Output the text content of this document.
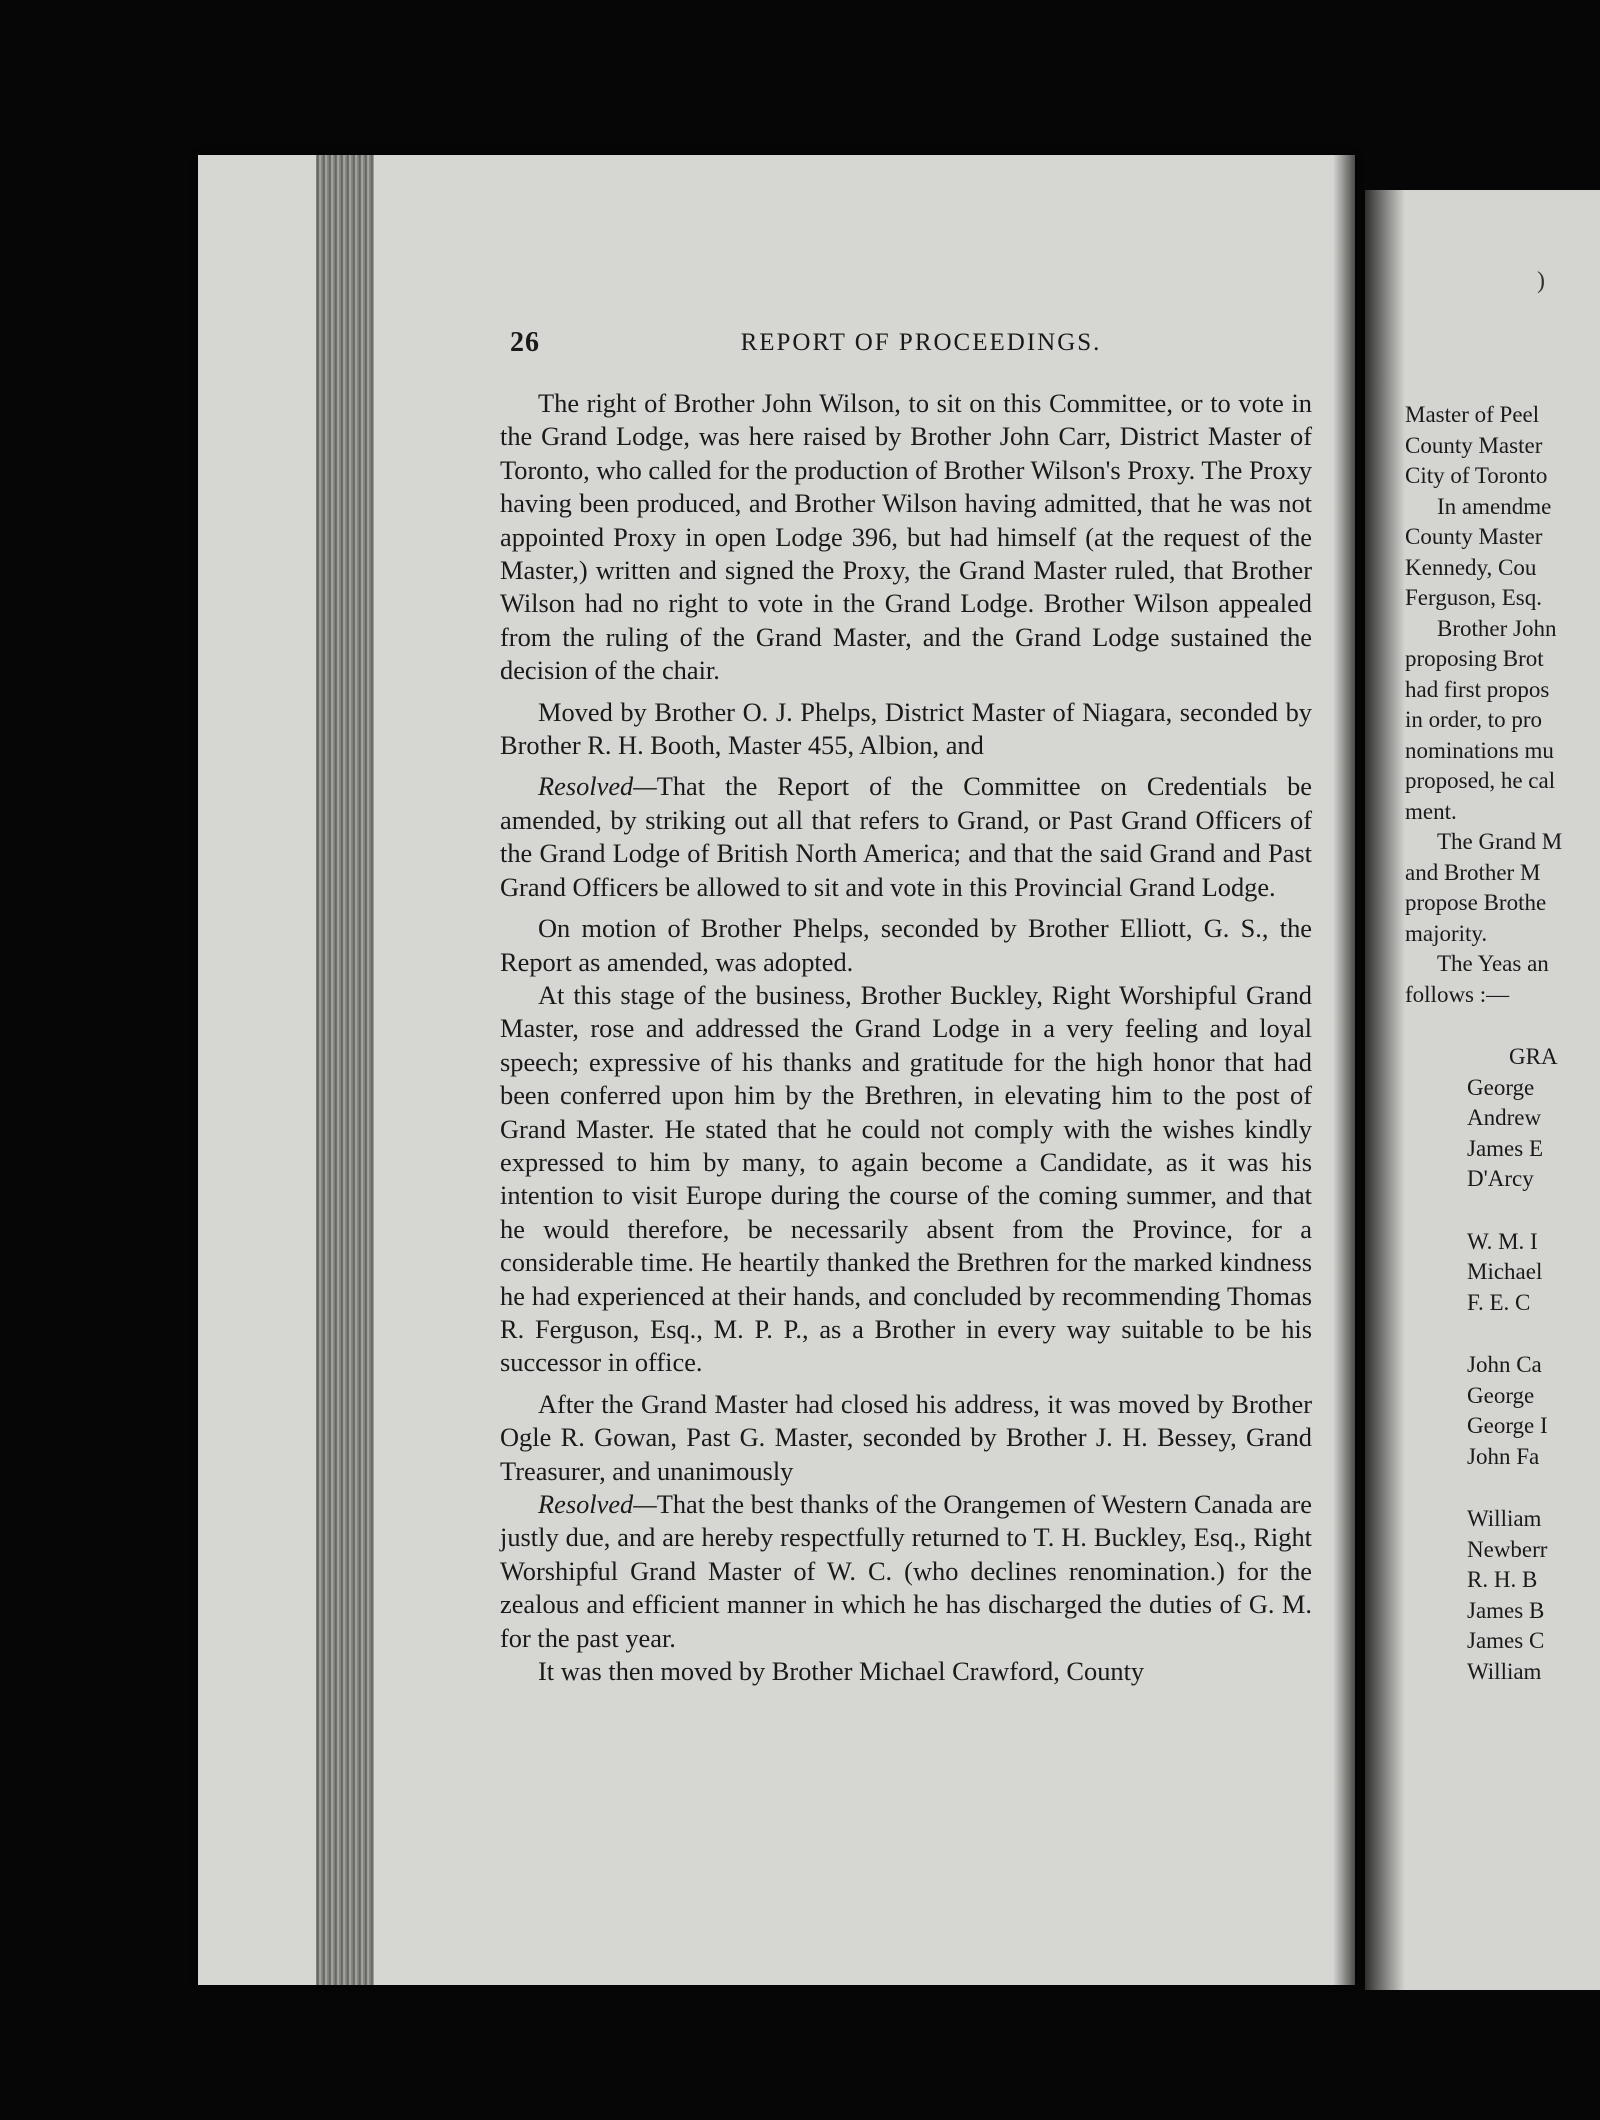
26	REPORT OF PROCEEDINGS.

The right of Brother John Wilson, to sit on this Committee, or to vote in the Grand Lodge, was here raised by Brother John Carr, District Master of Toronto, who called for the production of Brother Wilson's Proxy. The Proxy having been produced, and Brother Wilson having admitted, that he was not appointed Proxy in open Lodge 396, but had himself (at the request of the Master,) written and signed the Proxy, the Grand Master ruled, that Brother Wilson had no right to vote in the Grand Lodge. Brother Wilson appealed from the ruling of the Grand Master, and the Grand Lodge sustained the decision of the chair.

Moved by Brother O. J. Phelps, District Master of Niagara, seconded by Brother R. H. Booth, Master 455, Albion, and

Resolved—That the Report of the Committee on Credentials be amended, by striking out all that refers to Grand, or Past Grand Officers of the Grand Lodge of British North America; and that the said Grand and Past Grand Officers be allowed to sit and vote in this Provincial Grand Lodge.

On motion of Brother Phelps, seconded by Brother Elliott, G. S., the Report as amended, was adopted.

At this stage of the business, Brother Buckley, Right Worshipful Grand Master, rose and addressed the Grand Lodge in a very feeling and loyal speech; expressive of his thanks and gratitude for the high honor that had been conferred upon him by the Brethren, in elevating him to the post of Grand Master. He stated that he could not comply with the wishes kindly expressed to him by many, to again become a Candidate, as it was his intention to visit Europe during the course of the coming summer, and that he would therefore, be necessarily absent from the Province, for a considerable time. He heartily thanked the Brethren for the marked kindness he had experienced at their hands, and concluded by recommending Thomas R. Ferguson, Esq., M. P. P., as a Brother in every way suitable to be his successor in office.

After the Grand Master had closed his address, it was moved by Brother Ogle R. Gowan, Past G. Master, seconded by Brother J. H. Bessey, Grand Treasurer, and unanimously

Resolved—That the best thanks of the Orangemen of Western Canada are justly due, and are hereby respectfully returned to T. H. Buckley, Esq., Right Worshipful Grand Master of W. C. (who declines renomination.) for the zealous and efficient manner in which he has discharged the duties of G. M. for the past year.

It was then moved by Brother Michael Crawford, County

)
Master of Peel
County Master
City of Toronto
In amendme
County Master
Kennedy, Cou
Ferguson, Esq.
Brother John
proposing Brot
had first propos
in order, to pro
nominations mu
proposed, he cal
ment.
The Grand M
and Brother M
propose Brothe
majority.
The Yeas an
follows :—
GRA
George
Andrew
James E
D'Arcy
W. M. I
Michael
F. E. C
John Ca
George
George I
John Fa
William
Newberr
R. H. B
James B
James C
William
